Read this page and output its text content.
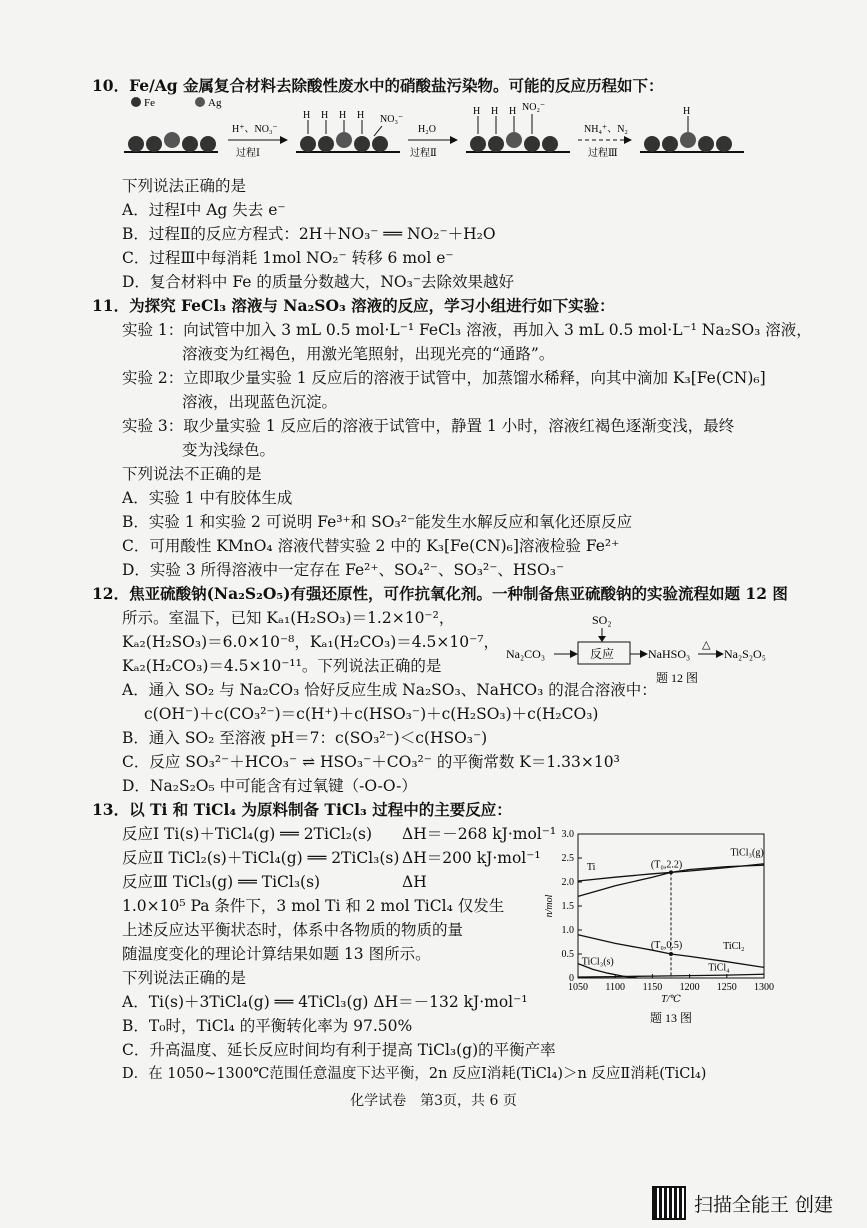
10．Fe/Ag 金属复合材料去除酸性废水中的硝酸盐污染物。可能的反应历程如下：
Fe	Ag
H⁺、NO₃⁻
过程Ⅰ
H H H H NO₃⁻
H₂O
过程Ⅱ
H H H NO₂⁻
NH₄⁺、N₂
过程Ⅲ
H
下列说法正确的是
A．过程Ⅰ中 Ag 失去 e⁻
B．过程Ⅱ的反应方程式：2H＋NO₃⁻ ══ NO₂⁻＋H₂O
C．过程Ⅲ中每消耗 1mol NO₂⁻ 转移 6 mol e⁻
D．复合材料中 Fe 的质量分数越大，NO₃⁻去除效果越好
11．为探究 FeCl₃ 溶液与 Na₂SO₃ 溶液的反应，学习小组进行如下实验：
实验 1：向试管中加入 3 mL 0.5 mol·L⁻¹ FeCl₃ 溶液，再加入 3 mL 0.5 mol·L⁻¹ Na₂SO₃ 溶液，
溶液变为红褐色，用激光笔照射，出现光亮的“通路”。
实验 2：立即取少量实验 1 反应后的溶液于试管中，加蒸馏水稀释，向其中滴加 K₃[Fe(CN)₆]
溶液，出现蓝色沉淀。
实验 3：取少量实验 1 反应后的溶液于试管中，静置 1 小时，溶液红褐色逐渐变浅，最终
变为浅绿色。
下列说法不正确的是
A．实验 1 中有胶体生成
B．实验 1 和实验 2 可说明 Fe³⁺和 SO₃²⁻能发生水解反应和氧化还原反应
C．可用酸性 KMnO₄ 溶液代替实验 2 中的 K₃[Fe(CN)₆]溶液检验 Fe²⁺
D．实验 3 所得溶液中一定存在 Fe²⁺、SO₄²⁻、SO₃²⁻、HSO₃⁻
12．焦亚硫酸钠(Na₂S₂O₅)有强还原性，可作抗氧化剂。一种制备焦亚硫酸钠的实验流程如题 12 图
所示。室温下，已知 Kₐ₁(H₂SO₃)＝1.2×10⁻²，
Kₐ₂(H₂SO₃)＝6.0×10⁻⁸，Kₐ₁(H₂CO₃)＝4.5×10⁻⁷，
Kₐ₂(H₂CO₃)＝4.5×10⁻¹¹。下列说法正确的是
SO₂
Na₂CO₃	反应	NaHSO₃
△
Na₂S₂O₅
题 12 图
A．通入 SO₂ 与 Na₂CO₃ 恰好反应生成 Na₂SO₃、NaHCO₃ 的混合溶液中：
c(OH⁻)＋c(CO₃²⁻)＝c(H⁺)＋c(HSO₃⁻)＋c(H₂SO₃)＋c(H₂CO₃)
B．通入 SO₂ 至溶液 pH＝7：c(SO₃²⁻)＜c(HSO₃⁻)
C．反应 SO₃²⁻＋HCO₃⁻ ⇌ HSO₃⁻＋CO₃²⁻ 的平衡常数 K＝1.33×10³
D．Na₂S₂O₅ 中可能含有过氧键（-O-O-）
13．以 Ti 和 TiCl₄ 为原料制备 TiCl₃ 过程中的主要反应：
反应Ⅰ Ti(s)＋TiCl₄(g) ══ 2TiCl₂(s) ΔH＝－268 kJ·mol⁻¹
反应Ⅱ TiCl₂(s)＋TiCl₄(g) ══ 2TiCl₃(s) ΔH＝200 kJ·mol⁻¹
反应Ⅲ TiCl₃(g) ══ TiCl₃(s)	ΔH
1.0×10⁵ Pa 条件下，3 mol Ti 和 2 mol TiCl₄ 仅发生
上述反应达平衡状态时，体系中各物质的物质的量
随温度变化的理论计算结果如题 13 图所示。
下列说法正确的是
A．Ti(s)＋3TiCl₄(g) ══ 4TiCl₃(g) ΔH＝－132 kJ·mol⁻¹
B．T₀时，TiCl₄ 的平衡转化率为 97.50%
C．升高温度、延长反应时间均有利于提高 TiCl₃(g)的平衡产率
D．在 1050~1300℃范围任意温度下达平衡，2n 反应Ⅰ消耗(TiCl₄)＞n 反应Ⅱ消耗(TiCl₄)
1050 1100 1150 1200 1250 1300
0
0.5
1.0
1.5
2.0
2.5
3.0
T/℃
n/mol
Ti
TiCl₃(g)
TiCl₂
TiCl₃(s)
TiCl₄
(T₀,2.2)
(T₀,0.5)
题 13 图
化学试卷　第3页，共 6 页
扫描全能王 创建
